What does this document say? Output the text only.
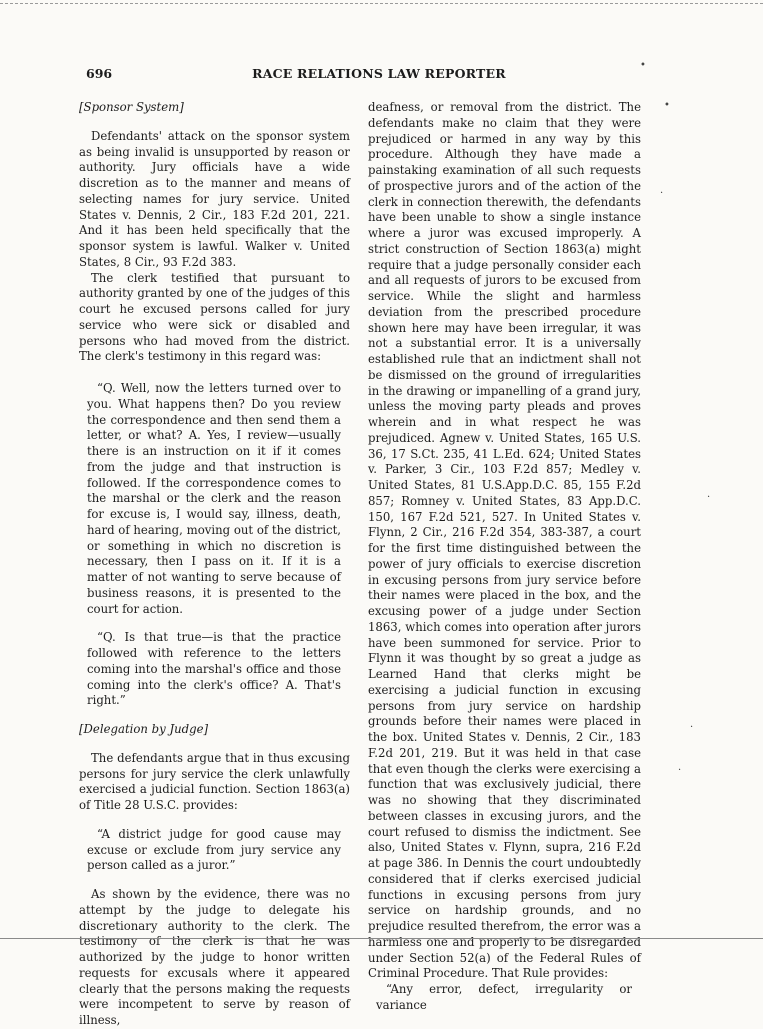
696	RACE RELATIONS LAW REPORTER

[Sponsor System]

Defendants' attack on the sponsor system as being invalid is unsupported by reason or authority. Jury officials have a wide discretion as to the manner and means of selecting names for jury service. United States v. Dennis, 2 Cir., 183 F.2d 201, 221. And it has been held specifically that the sponsor system is lawful. Walker v. United States, 8 Cir., 93 F.2d 383.

The clerk testified that pursuant to authority granted by one of the judges of this court he excused persons called for jury service who were sick or disabled and persons who had moved from the district. The clerk's testimony in this regard was:

“Q. Well, now the letters turned over to you. What happens then? Do you review the correspondence and then send them a letter, or what? A. Yes, I review—usually there is an instruction on it if it comes from the judge and that instruction is followed. If the correspondence comes to the marshal or the clerk and the reason for excuse is, I would say, illness, death, hard of hearing, moving out of the district, or something in which no discretion is necessary, then I pass on it. If it is a matter of not wanting to serve because of business reasons, it is presented to the court for action.

“Q. Is that true—is that the practice followed with reference to the letters coming into the marshal's office and those coming into the clerk's office? A. That's right.”

[Delegation by Judge]

The defendants argue that in thus excusing persons for jury service the clerk unlawfully exercised a judicial function. Section 1863(a) of Title 28 U.S.C. provides:

“A district judge for good cause may excuse or exclude from jury service any person called as a juror.”

As shown by the evidence, there was no attempt by the judge to delegate his discretionary authority to the clerk. The testimony of the clerk is that he was authorized by the judge to honor written requests for excusals where it appeared clearly that the persons making the requests were incompetent to serve by reason of illness,

deafness, or removal from the district. The defendants make no claim that they were prejudiced or harmed in any way by this procedure. Although they have made a painstaking examination of all such requests of prospective jurors and of the action of the clerk in connection therewith, the defendants have been unable to show a single instance where a juror was excused improperly. A strict construction of Section 1863(a) might require that a judge personally consider each and all requests of jurors to be excused from service. While the slight and harmless deviation from the prescribed procedure shown here may have been irregular, it was not a substantial error. It is a universally established rule that an indictment shall not be dismissed on the ground of irregularities in the drawing or impanelling of a grand jury, unless the moving party pleads and proves wherein and in what respect he was prejudiced. Agnew v. United States, 165 U.S. 36, 17 S.Ct. 235, 41 L.Ed. 624; United States v. Parker, 3 Cir., 103 F.2d 857; Medley v. United States, 81 U.S.App.D.C. 85, 155 F.2d 857; Romney v. United States, 83 App.D.C. 150, 167 F.2d 521, 527. In United States v. Flynn, 2 Cir., 216 F.2d 354, 383-387, a court for the first time distinguished between the power of jury officials to exercise discretion in excusing persons from jury service before their names were placed in the box, and the excusing power of a judge under Section 1863, which comes into operation after jurors have been summoned for service. Prior to Flynn it was thought by so great a judge as Learned Hand that clerks might be exercising a judicial function in excusing persons from jury service on hardship grounds before their names were placed in the box. United States v. Dennis, 2 Cir., 183 F.2d 201, 219. But it was held in that case that even though the clerks were exercising a function that was exclusively judicial, there was no showing that they discriminated between classes in excusing jurors, and the court refused to dismiss the indictment. See also, United States v. Flynn, supra, 216 F.2d at page 386. In Dennis the court undoubtedly considered that if clerks exercised judicial functions in excusing persons from jury service on hardship grounds, and no prejudice resulted therefrom, the error was a harmless one and properly to be disregarded under Section 52(a) of the Federal Rules of Criminal Procedure. That Rule provides:

“Any error, defect, irregularity or variance

•
•
·
·
·
·
